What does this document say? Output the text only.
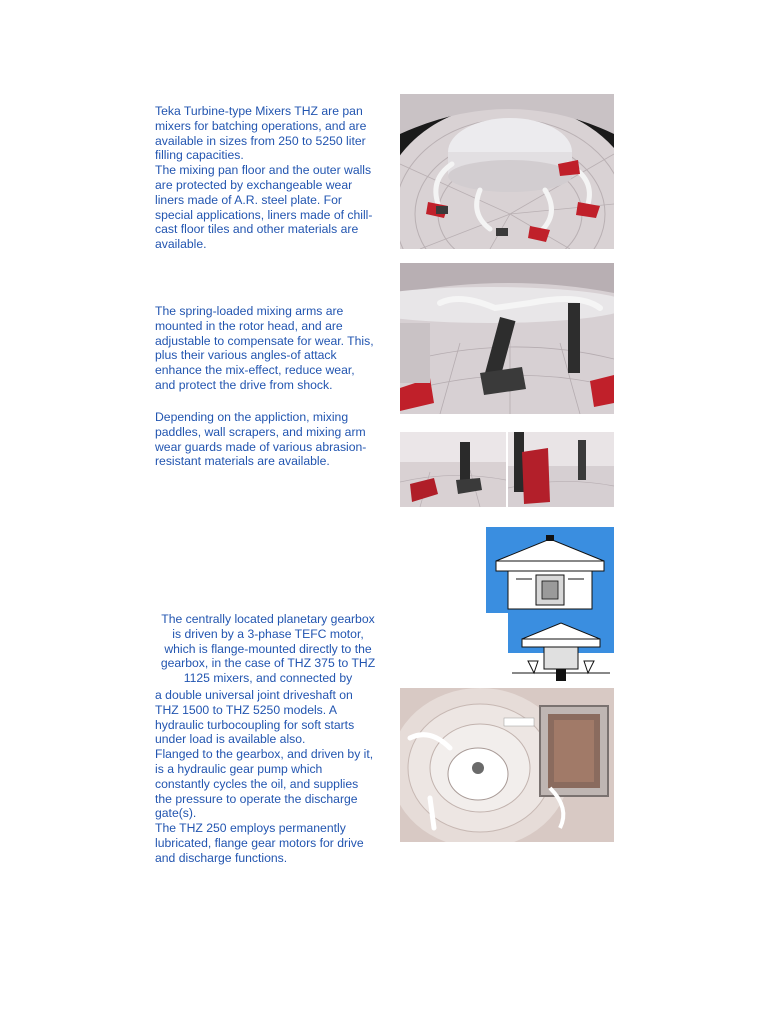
Teka Turbine-type Mixers THZ are pan

mixers for batching operations, and are

available in sizes from 250 to 5250 liter

filling capacities.

The mixing pan floor and the outer walls

are protected by exchangeable wear

liners made of A.R. steel plate. For

special applications, liners made of chill-

cast floor tiles and other materials are

available.

The spring-loaded mixing arms are

mounted in the rotor head, and are

adjustable to compensate for wear. This,

plus their various angles-of attack

enhance the mix-effect, reduce wear,

and protect the drive from shock.

Depending on the appliction, mixing

paddles, wall scrapers, and mixing arm

wear guards made of various abrasion-

resistant materials are available.

The centrally located planetary gearbox

is driven by a 3-phase TEFC motor,

which is flange-mounted directly to the

gearbox, in the case of THZ 375 to THZ

1125 mixers, and connected by

a double universal joint driveshaft on

THZ 1500 to THZ 5250 models. A

hydraulic turbocoupling for soft starts

under load is available also.

Flanged to the gearbox, and driven by it,

is a hydraulic gear pump which

constantly cycles the oil, and supplies

the pressure to operate the discharge

gate(s).

The THZ 250 employs permanently

lubricated, flange gear motors for drive

and discharge functions.
